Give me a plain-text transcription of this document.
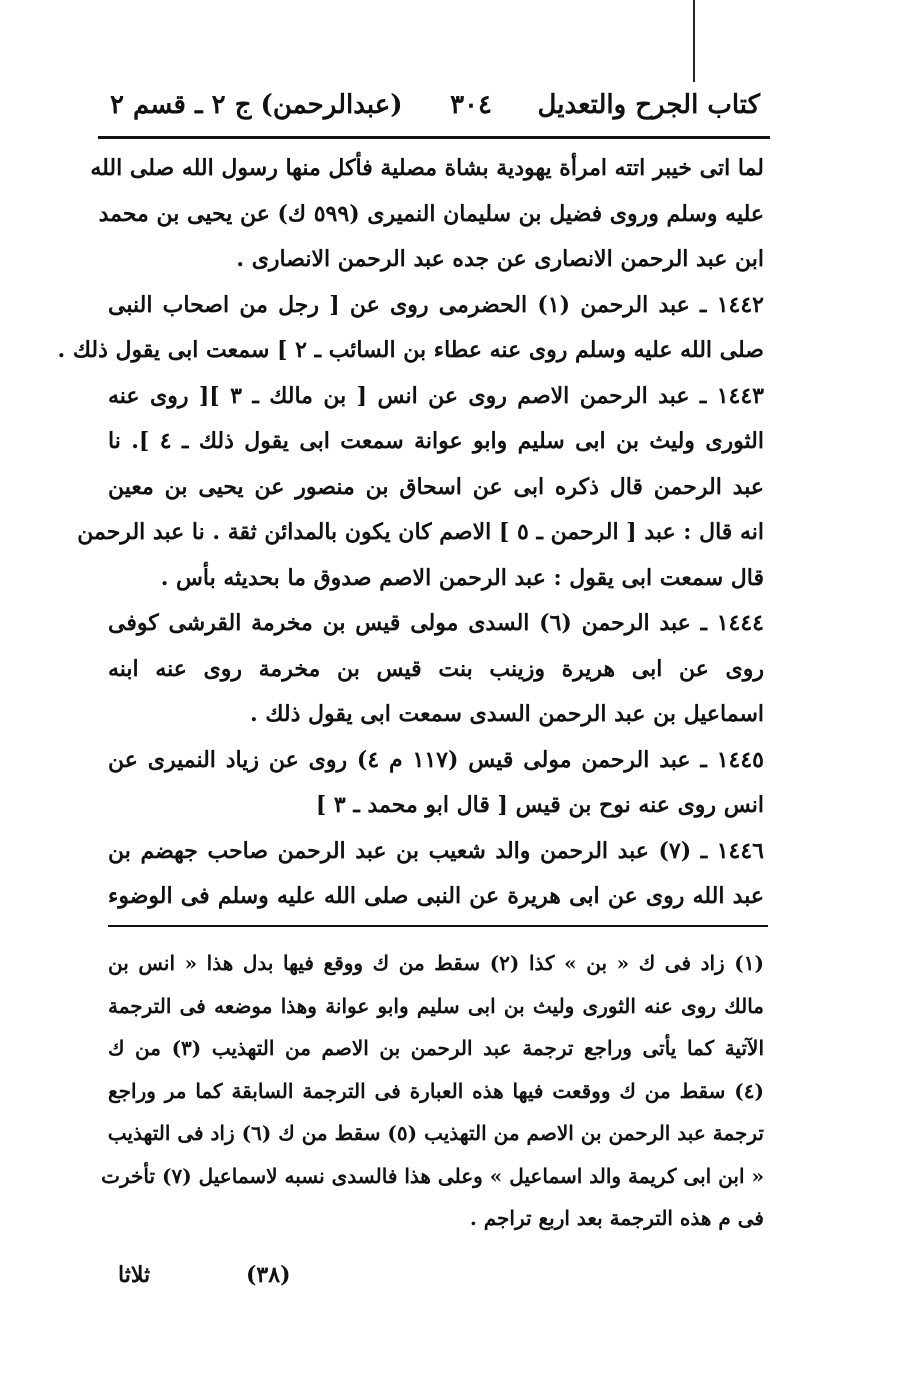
كتاب الجرح والتعديل
٣٠٤
(عبدالرحمن) ج ٢ ـ قسم ٢
لما اتى خيبر اتته امرأة يهودية بشاة مصلية فأكل منها رسول الله صلى الله
عليه وسلم وروى فضيل بن سليمان النميرى (٥٩٩ ك) عن يحيى بن محمد
ابن عبد الرحمن الانصارى عن جده عبد الرحمن الانصارى .
١٤٤٢ ـ عبد الرحمن (١) الحضرمى روى عن [ رجل من اصحاب النبى
صلى الله عليه وسلم روى عنه عطاء بن السائب ـ ٢ ] سمعت ابى يقول ذلك .
١٤٤٣ ـ عبد الرحمن الاصم روى عن انس [ بن مالك ـ ٣ ][ روى عنه
الثورى وليث بن ابى سليم وابو عوانة سمعت ابى يقول ذلك ـ ٤ ]. نا
عبد الرحمن قال ذكره ابى عن اسحاق بن منصور عن يحيى بن معين
انه قال : عبد [ الرحمن ـ ٥ ] الاصم كان يكون بالمدائن ثقة . نا عبد الرحمن
قال سمعت ابى يقول : عبد الرحمن الاصم صدوق ما بحديثه بأس .
١٤٤٤ ـ عبد الرحمن (٦) السدى مولى قيس بن مخرمة القرشى كوفى
روى عن ابى هريرة وزينب بنت قيس بن مخرمة روى عنه ابنه
اسماعيل بن عبد الرحمن السدى سمعت ابى يقول ذلك .
١٤٤٥ ـ عبد الرحمن مولى قيس (١١٧ م ٤) روى عن زياد النميرى عن
انس روى عنه نوح بن قيس [ قال ابو محمد ـ ٣ ]
١٤٤٦ ـ (٧) عبد الرحمن والد شعيب بن عبد الرحمن صاحب جهضم بن
عبد الله روى عن ابى هريرة عن النبى صلى الله عليه وسلم فى الوضوء
(١) زاد فى ك « بن » كذا (٢) سقط من ك ووقع فيها بدل هذا « انس بن
مالك روى عنه الثورى وليث بن ابى سليم وابو عوانة وهذا موضعه فى الترجمة
الآتية كما يأتى وراجع ترجمة عبد الرحمن بن الاصم من التهذيب (٣) من ك
(٤) سقط من ك ووقعت فيها هذه العبارة فى الترجمة السابقة كما مر وراجع
ترجمة عبد الرحمن بن الاصم من التهذيب (٥) سقط من ك (٦) زاد فى التهذيب
« ابن ابى كريمة والد اسماعيل » وعلى هذا فالسدى نسبه لاسماعيل (٧) تأخرت
فى م هذه الترجمة بعد اربع تراجم .
(٣٨)
ثلاثا
